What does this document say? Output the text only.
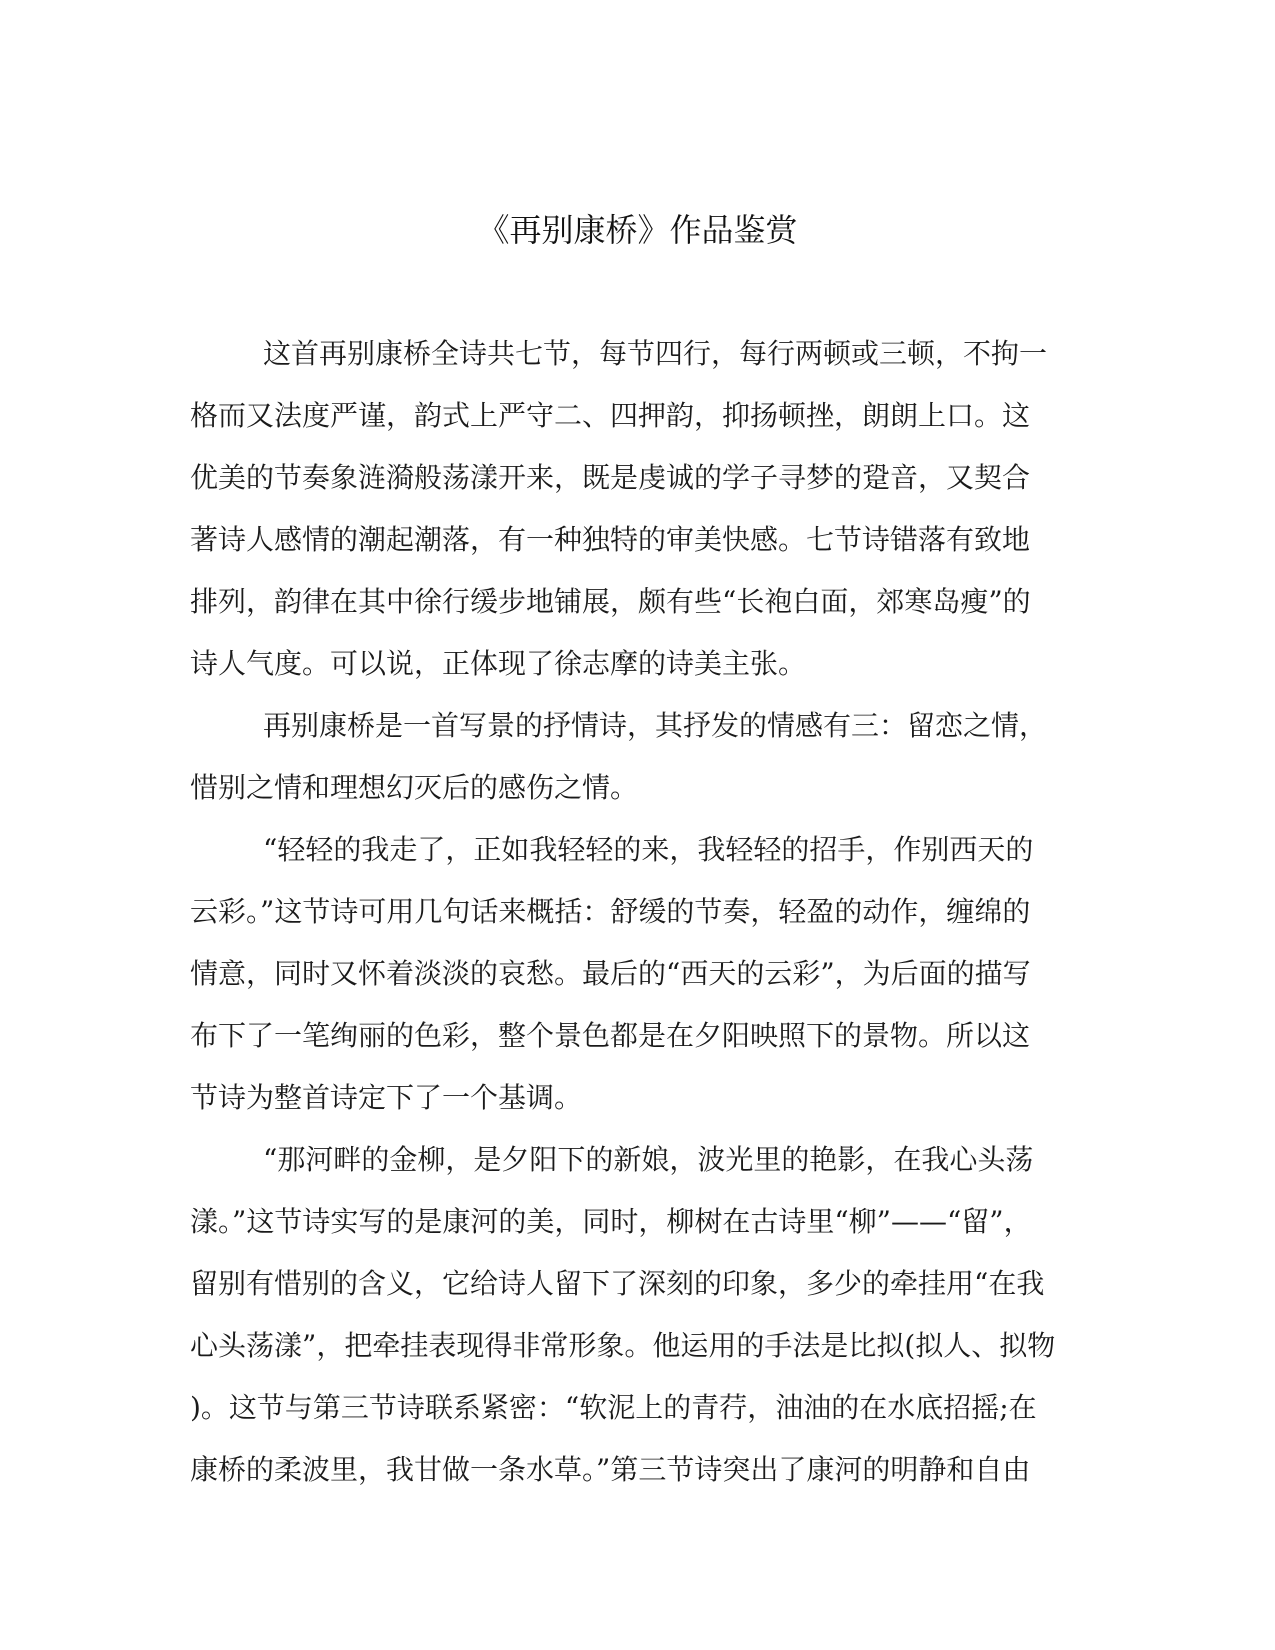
《再别康桥》作品鉴赏
这首再别康桥全诗共七节，每节四行，每行两顿或三顿，不拘一
格而又法度严谨，韵式上严守二、四押韵，抑扬顿挫，朗朗上口。这
优美的节奏象涟漪般荡漾开来，既是虔诚的学子寻梦的跫音，又契合
著诗人感情的潮起潮落，有一种独特的审美快感。七节诗错落有致地
排列，韵律在其中徐行缓步地铺展，颇有些“长袍白面，郊寒岛瘦”的
诗人气度。可以说，正体现了徐志摩的诗美主张。
再别康桥是一首写景的抒情诗，其抒发的情感有三：留恋之情，
惜别之情和理想幻灭后的感伤之情。
“轻轻的我走了，正如我轻轻的来，我轻轻的招手，作别西天的
云彩。”这节诗可用几句话来概括：舒缓的节奏，轻盈的动作，缠绵的
情意，同时又怀着淡淡的哀愁。最后的“西天的云彩”，为后面的描写
布下了一笔绚丽的色彩，整个景色都是在夕阳映照下的景物。所以这
节诗为整首诗定下了一个基调。
“那河畔的金柳，是夕阳下的新娘，波光里的艳影，在我心头荡
漾。”这节诗实写的是康河的美，同时，柳树在古诗里“柳”——“留”，
留别有惜别的含义，它给诗人留下了深刻的印象，多少的牵挂用“在我
心头荡漾”，把牵挂表现得非常形象。他运用的手法是比拟(拟人、拟物
)。这节与第三节诗联系紧密：“软泥上的青荇，油油的在水底招摇;在
康桥的柔波里，我甘做一条水草。”第三节诗突出了康河的明静和自由
